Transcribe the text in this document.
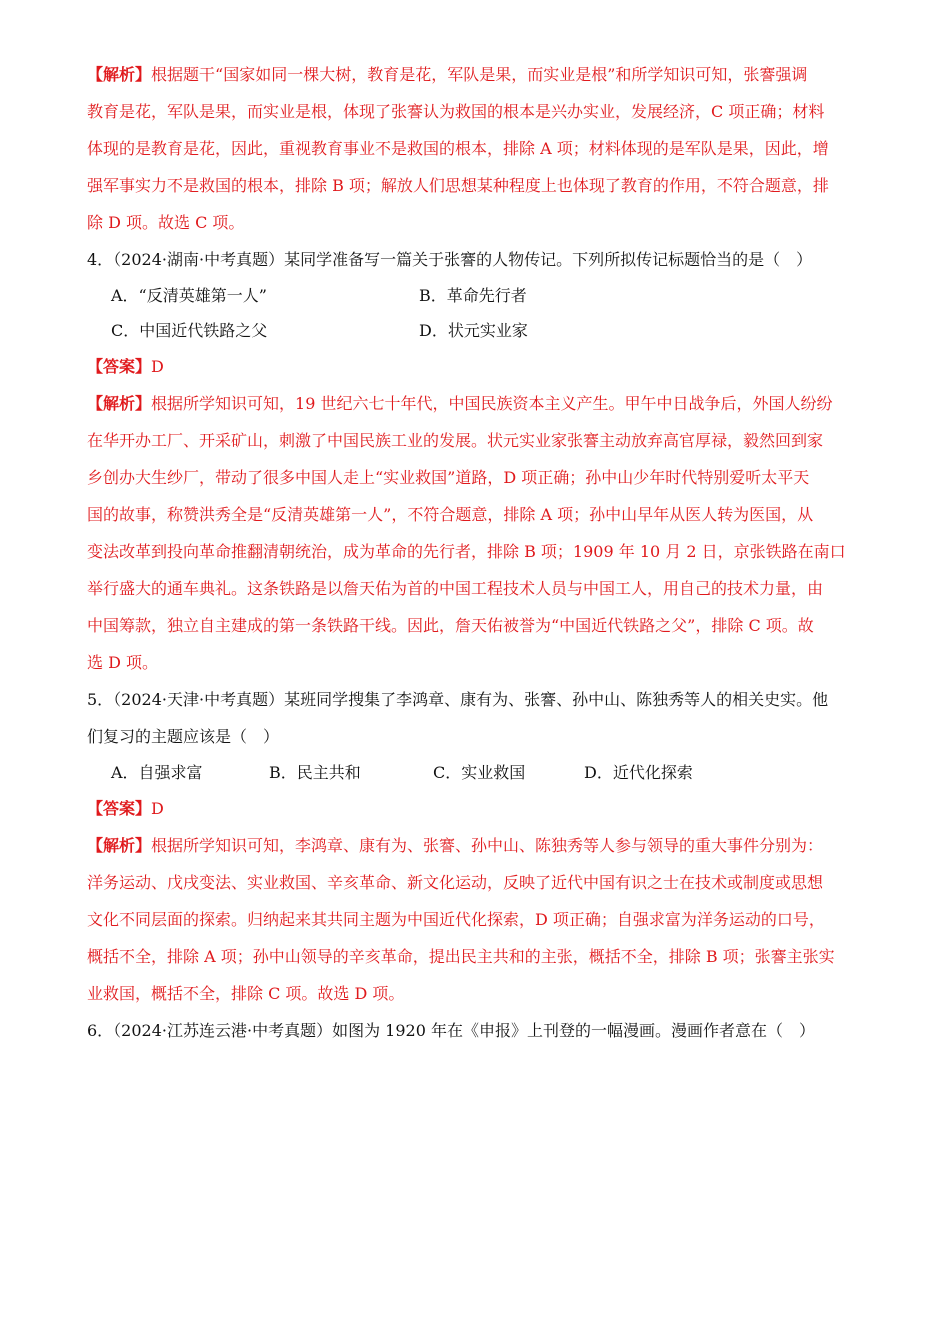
【解析】根据题干“国家如同一棵大树，教育是花，军队是果，而实业是根”和所学知识可知，张謇强调
教育是花，军队是果，而实业是根，体现了张謇认为救国的根本是兴办实业，发展经济，C 项正确；材料
体现的是教育是花，因此，重视教育事业不是救国的根本，排除 A 项；材料体现的是军队是果，因此，增
强军事实力不是救国的根本，排除 B 项；解放人们思想某种程度上也体现了教育的作用，不符合题意，排
除 D 项。故选 C 项。
4．（2024·湖南·中考真题）某同学准备写一篇关于张謇的人物传记。下列所拟传记标题恰当的是（　）
A．“反清英雄第一人”	B．革命先行者
C．中国近代铁路之父	D．状元实业家
【答案】D
【解析】根据所学知识可知，19 世纪六七十年代，中国民族资本主义产生。甲午中日战争后，外国人纷纷
在华开办工厂、开采矿山，刺激了中国民族工业的发展。状元实业家张謇主动放弃高官厚禄，毅然回到家
乡创办大生纱厂，带动了很多中国人走上“实业救国”道路，D 项正确；孙中山少年时代特别爱听太平天
国的故事，称赞洪秀全是“反清英雄第一人”，不符合题意，排除 A 项；孙中山早年从医人转为医国，从
变法改革到投向革命推翻清朝统治，成为革命的先行者，排除 B 项；1909 年 10 月 2 日，京张铁路在南口
举行盛大的通车典礼。这条铁路是以詹天佑为首的中国工程技术人员与中国工人，用自己的技术力量，由
中国筹款，独立自主建成的第一条铁路干线。因此，詹天佑被誉为“中国近代铁路之父”，排除 C 项。故
选 D 项。
5．（2024·天津·中考真题）某班同学搜集了李鸿章、康有为、张謇、孙中山、陈独秀等人的相关史实。他
们复习的主题应该是（　）
A．自强求富	B．民主共和	C．实业救国	D．近代化探索
【答案】D
【解析】根据所学知识可知，李鸿章、康有为、张謇、孙中山、陈独秀等人参与领导的重大事件分别为：
洋务运动、戊戌变法、实业救国、辛亥革命、新文化运动，反映了近代中国有识之士在技术或制度或思想
文化不同层面的探索。归纳起来其共同主题为中国近代化探索，D 项正确；自强求富为洋务运动的口号，
概括不全，排除 A 项；孙中山领导的辛亥革命，提出民主共和的主张，概括不全，排除 B 项；张謇主张实
业救国，概括不全，排除 C 项。故选 D 项。
6．（2024·江苏连云港·中考真题）如图为 1920 年在《申报》上刊登的一幅漫画。漫画作者意在（　）
